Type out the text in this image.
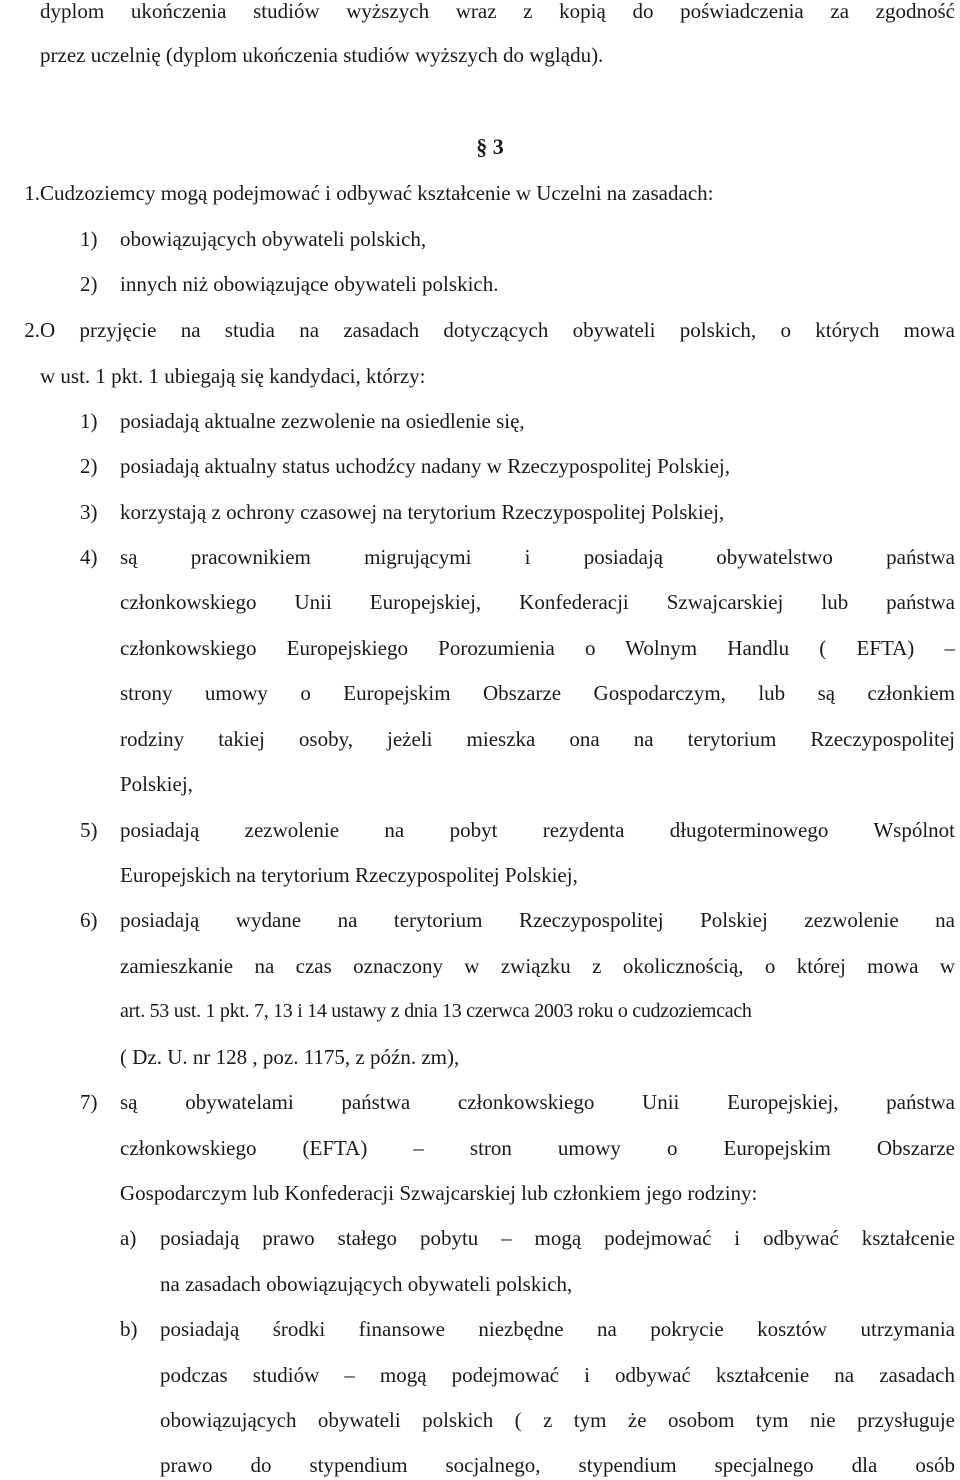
dyplom ukończenia studiów wyższych wraz z kopią do poświadczenia za zgodność
przez uczelnię (dyplom ukończenia studiów wyższych do wglądu).
§ 3
1. Cudzoziemcy mogą podejmować i odbywać kształcenie w Uczelni na zasadach:
1)	obowiązujących obywateli polskich,
2)	innych niż obowiązujące obywateli polskich.
2. O przyjęcie na studia na zasadach dotyczących obywateli polskich, o których mowa
w ust. 1 pkt. 1 ubiegają się kandydaci, którzy:
1)	posiadają aktualne zezwolenie na osiedlenie się,
2)	posiadają aktualny status uchodźcy nadany w Rzeczypospolitej Polskiej,
3)	korzystają z ochrony czasowej na terytorium Rzeczypospolitej Polskiej,
4)	są pracownikiem migrującymi i posiadają obywatelstwo państwa
członkowskiego Unii Europejskiej, Konfederacji Szwajcarskiej lub państwa
członkowskiego Europejskiego Porozumienia o Wolnym Handlu ( EFTA) –
strony umowy o Europejskim Obszarze Gospodarczym, lub są członkiem
rodziny takiej osoby, jeżeli mieszka ona na terytorium Rzeczypospolitej
Polskiej,
5)	posiadają zezwolenie na pobyt rezydenta długoterminowego Wspólnot
Europejskich na terytorium Rzeczypospolitej Polskiej,
6)	posiadają wydane na terytorium Rzeczypospolitej Polskiej zezwolenie na
zamieszkanie na czas oznaczony w związku z okolicznością, o której mowa w
art. 53 ust. 1 pkt. 7, 13 i 14 ustawy z dnia 13 czerwca 2003 roku o cudzoziemcach
( Dz. U. nr 128 , poz. 1175, z późn. zm),
7)	są obywatelami państwa członkowskiego Unii Europejskiej, państwa
członkowskiego (EFTA) – stron umowy o Europejskim Obszarze
Gospodarczym lub Konfederacji Szwajcarskiej lub członkiem jego rodziny:
a)	posiadają prawo stałego pobytu – mogą podejmować i odbywać kształcenie
na zasadach obowiązujących obywateli polskich,
b)	posiadają środki finansowe niezbędne na pokrycie kosztów utrzymania
podczas studiów – mogą podejmować i odbywać kształcenie na zasadach
obowiązujących obywateli polskich ( z tym że osobom tym nie przysługuje
prawo do stypendium socjalnego, stypendium specjalnego dla osób
